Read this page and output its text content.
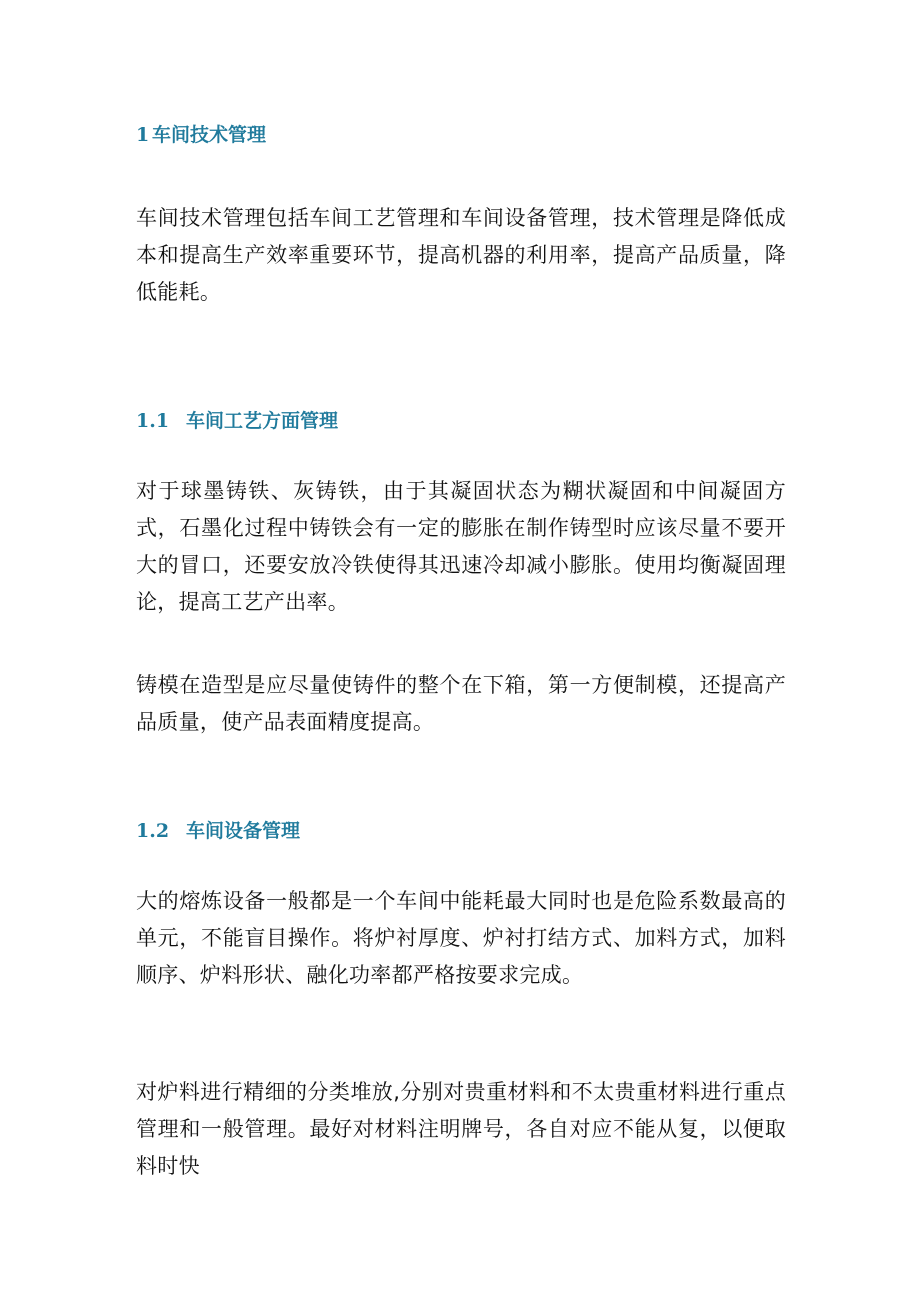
1 车间技术管理

车间技术管理包括车间工艺管理和车间设备管理，技术管理是降低成本和提高生产效率重要环节，提高机器的利用率，提高产品质量，降低能耗。

1.1 车间工艺方面管理

对于球墨铸铁、灰铸铁，由于其凝固状态为糊状凝固和中间凝固方式，石墨化过程中铸铁会有一定的膨胀在制作铸型时应该尽量不要开大的冒口，还要安放冷铁使得其迅速冷却减小膨胀。使用均衡凝固理论，提高工艺产出率。

铸模在造型是应尽量使铸件的整个在下箱，第一方便制模，还提高产品质量，使产品表面精度提高。

1.2 车间设备管理

大的熔炼设备一般都是一个车间中能耗最大同时也是危险系数最高的单元，不能盲目操作。将炉衬厚度、炉衬打结方式、加料方式，加料顺序、炉料形状、融化功率都严格按要求完成。

对炉料进行精细的分类堆放,分别对贵重材料和不太贵重材料进行重点管理和一般管理。最好对材料注明牌号，各自对应不能从复，以便取料时快
